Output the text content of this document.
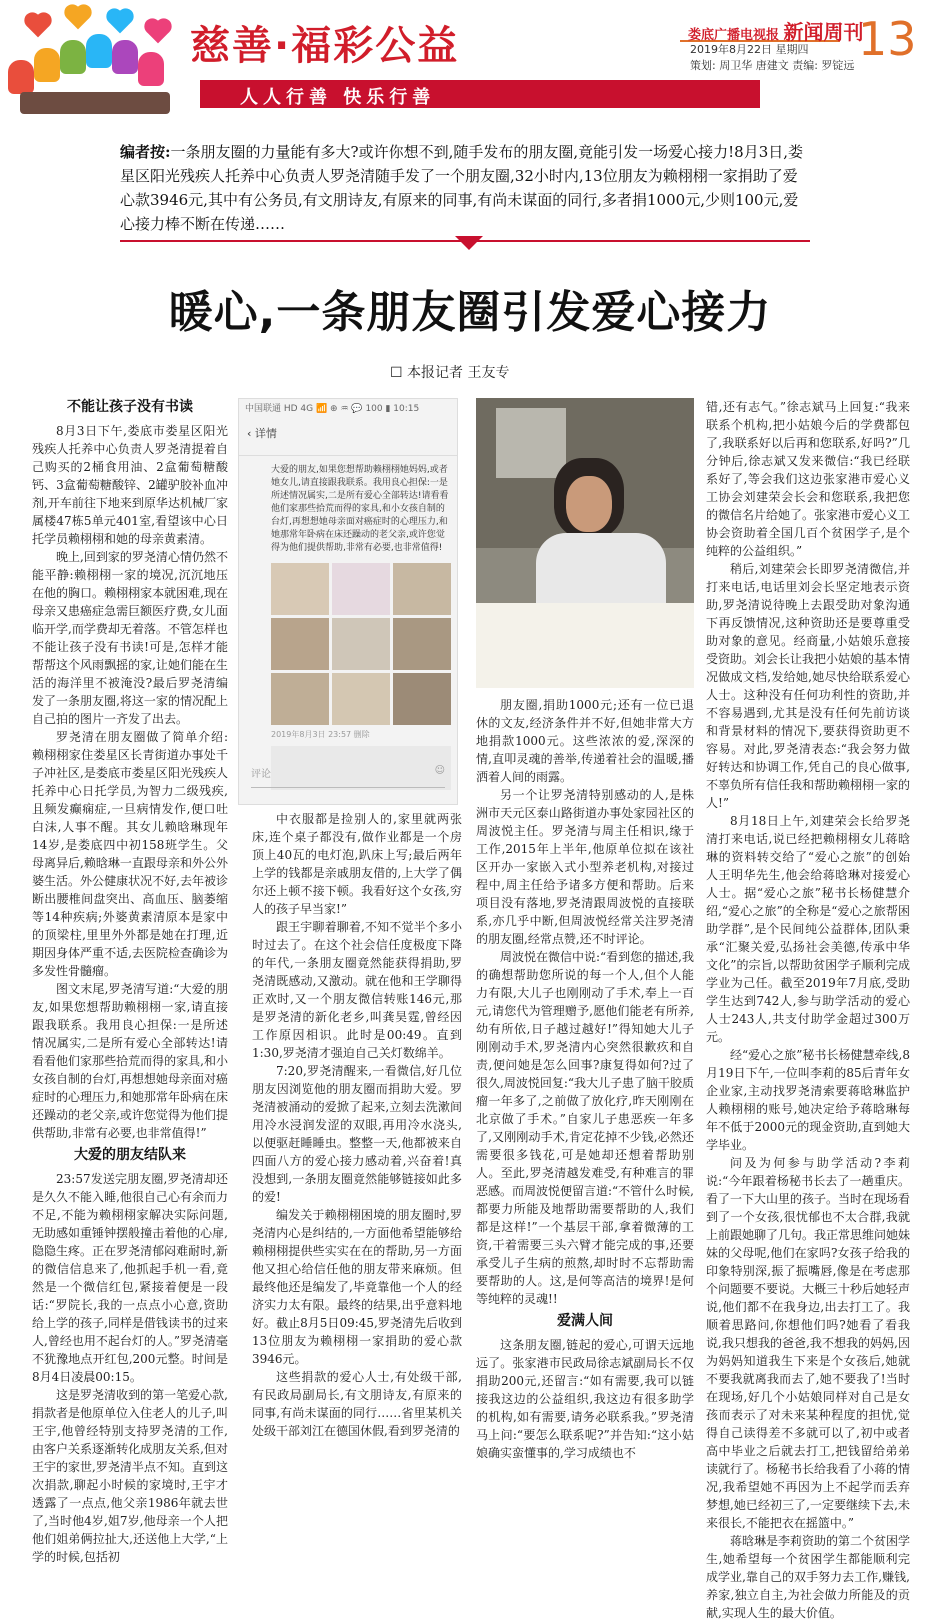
慈善·福彩公益
人人行善 快乐行善
娄底广播电视报 新闻周刊
13
2019年8月22日 星期四
策划: 周卫华 唐建文 责编: 罗锭远
编者按:一条朋友圈的力量能有多大?或许你想不到,随手发布的朋友圈,竟能引发一场爱心接力!8月3日,娄星区阳光残疾人托养中心负责人罗尧清随手发了一个朋友圈,32小时内,13位朋友为赖栩栩一家捐助了爱心款3946元,其中有公务员,有文朋诗友,有原来的同事,有尚未谋面的同行,多者捐1000元,少则100元,爱心接力棒不断在传递……
暖心,一条朋友圈引发爱心接力
☐ 本报记者 王友专
不能让孩子没有书读

8月3日下午,娄底市娄星区阳光残疾人托养中心负责人罗尧清提着自己购买的2桶食用油、2盒葡萄糖酸钙、3盒葡萄糖酸锌、2罐驴胶补血冲剂,开车前往下地来到原华达机械厂家属楼47栋5单元401室,看望该中心日托学员赖栩栩和她的母亲黄素清。

晚上,回到家的罗尧清心情仍然不能平静:赖栩栩一家的境况,沉沉地压在他的胸口。赖栩栩家本就困难,现在母亲又患癌症急需巨额医疗费,女儿面临开学,而学费却无着落。不管怎样也不能让孩子没有书读!可是,怎样才能帮帮这个风雨飘摇的家,让她们能在生活的海洋里不被淹没?最后罗尧清编发了一条朋友圈,将这一家的情况配上自己拍的图片一齐发了出去。

罗尧清在朋友圈做了简单介绍:赖栩栩家住娄星区长青街道办事处千子冲社区,是娄底市娄星区阳光残疾人托养中心日托学员,为智力二级残疾,且频发癫痫症,一旦病情发作,便口吐白沫,人事不醒。其女儿赖晗琳现年14岁,是娄底四中初158班学生。父母离异后,赖晗琳一直跟母亲和外公外婆生活。外公健康状况不好,去年被诊断出腰椎间盘突出、高血压、脑萎缩等14种疾病;外婆黄素清原本是家中的顶梁柱,里里外外都是她在打理,近期因身体严重不适,去医院检查确诊为多发性骨髓瘤。

图文末尾,罗尧清写道:“大爱的朋友,如果您想帮助赖栩栩一家,请直接跟我联系。我用良心担保:一是所述情况属实,二是所有爱心全部转达!请看看他们家那些拾荒而得的家具,和小女孩自制的台灯,再想想她母亲面对癌症时的心理压力,和她那常年卧病在床还躁动的老父亲,或许您觉得为他们提供帮助,非常有必要,也非常值得!”

大爱的朋友结队来

23:57发送完朋友圈,罗尧清却还是久久不能入睡,他很自己心有余而力不足,不能为赖栩栩家解决实际问题,无助感如重锤钟摆般撞击着他的心扉,隐隐生疼。正在罗尧清郁闷难耐时,新的微信信息来了,他抓起手机一看,竟然是一个微信红包,紧接着便是一段话:“罗院长,我的一点点小心意,资助给上学的孩子,同样是借钱读书的过来人,曾经也用不起台灯的人。”罗尧清毫不犹豫地点开红包,200元整。时间是8月4日凌晨00:15。

这是罗尧清收到的第一笔爱心款,捐款者是他原单位入住老人的儿子,叫王宇,他曾经特别支持罗尧清的工作,由客户关系逐渐转化成朋友关系,但对王宇的家世,罗尧清半点不知。直到这次捐款,聊起小时候的家境时,王宇才透露了一点点,他父亲1986年就去世了,当时他4岁,姐7岁,他母亲一个人把他们姐弟俩拉扯大,还送他上大学,“上学的时候,包括初

中国联通 HD 4G 📶 ⊕ ♒ 💬 100 ▮ 10:15
‹ 详情
大爱的朋友,如果您想帮助赖栩栩她妈妈,或者她女儿,请直接跟我联系。我用良心担保:一是所述情况属实,二是所有爱心全部转达!请看看他们家那些拾荒而得的家具,和小女孩自制的台灯,再想想她母亲面对癌症时的心理压力,和她那常年卧病在床还躁动的老父亲,或许您觉得为他们提供帮助,非常有必要,也非常值得!
2019年8月3日 23:57 删除
评论	☺

中衣服都是捡别人的,家里就两张床,连个桌子都没有,做作业都是一个房顶上40瓦的电灯泡,趴床上写;最后两年上学的钱都是亲戚朋友借的,上大学了偶尔还上顿不接下顿。我看好这个女孩,穷人的孩子早当家!”

跟王宇聊着聊着,不知不觉半个多小时过去了。在这个社会信任度极度下降的年代,一条朋友圈竟然能获得捐助,罗尧清既感动,又激动。就在他和王学聊得正欢时,又一个朋友微信转账146元,那是罗尧清的新化老乡,叫龚昊霆,曾经因工作原因相识。此时是00:49。直到1:30,罗尧清才强迫自己关灯数绵羊。

7:20,罗尧清醒来,一看微信,好几位朋友因浏览他的朋友圈而捐助大爱。罗尧清被涌动的爱掀了起来,立刻去洗漱间用冷水浸润发涩的双眼,再用冷水浇头,以便驱赶睡睡虫。整整一天,他都被来自四面八方的爱心接力感动着,兴奋着!真没想到,一条朋友圈竟然能够链接如此多的爱!

编发关于赖栩栩困境的朋友圈时,罗尧清内心是纠结的,一方面他希望能够给赖栩栩提供些实实在在的帮助,另一方面他又担心给信任他的朋友带来麻烦。但最终他还是编发了,毕竟靠他一个人的经济实力太有限。最终的结果,出乎意料地好。截止8月5日09:45,罗尧清先后收到13位朋友为赖栩栩一家捐助的爱心款3946元。

这些捐款的爱心人士,有处级干部,有民政局副局长,有文朋诗友,有原来的同事,有尚未谋面的同行……省里某机关处级干部刘江在德国休假,看到罗尧清的

朋友圈,捐助1000元;还有一位已退休的文友,经济条件并不好,但她非常大方地捐款1000元。这些浓浓的爱,深深的情,直叩灵魂的善举,传递着社会的温暖,播洒着人间的雨露。

另一个让罗尧清特别感动的人,是株洲市天元区泰山路街道办事处家园社区的周波悦主任。罗尧清与周主任相识,缘于工作,2015年上半年,他原单位拟在该社区开办一家嵌入式小型养老机构,对接过程中,周主任给予诸多方便和帮助。后来项目没有落地,罗尧清跟周波悦的直接联系,亦几乎中断,但周波悦经常关注罗尧清的朋友圈,经常点赞,还不时评论。

周波悦在微信中说:“看到您的描述,我的确想帮助您所说的每一个人,但个人能力有限,大儿子也刚刚动了手术,奉上一百元,请您代为管理赠予,愿他们能老有所养,幼有所依,日子越过越好!”得知她大儿子刚刚动手术,罗尧清内心突然很歉疚和自责,便问她是怎么回事?康复得如何?过了很久,周波悦回复:“我大儿子患了脑干胶质瘤一年多了,之前做了放化疗,昨天刚刚在北京做了手术。”自家儿子患恶疾一年多了,又刚刚动手术,肯定花掉不少钱,必然还需要很多钱花,可是她却还想着帮助别人。至此,罗尧清越发难受,有种难言的罪恶感。而周波悦便留言道:“不管什么时候,都要力所能及地帮助需要帮助的人,我们都是这样!”一个基层干部,拿着微薄的工资,干着需要三头六臂才能完成的事,还要承受儿子生病的煎熬,却时时不忘帮助需要帮助的人。这,是何等高洁的境界!是何等纯粹的灵魂!!

爱满人间

这条朋友圈,链起的爱心,可谓天远地远了。张家港市民政局徐志斌副局长不仅捐助200元,还留言:“如有需要,我可以链接我这边的公益组织,我这边有很多助学的机构,如有需要,请务必联系我。”罗尧清马上问:“要怎么联系呢?”并告知:“这小姑娘确实蛮懂事的,学习成绩也不

错,还有志气。”徐志斌马上回复:“我来联系个机构,把小姑娘今后的学费都包了,我联系好以后再和您联系,好吗?”几分钟后,徐志斌又发来微信:“我已经联系好了,等会我们这边张家港市爱心义工协会刘建荣会长会和您联系,我把您的微信名片给她了。张家港市爱心义工协会资助着全国几百个贫困学子,是个纯粹的公益组织。”

稍后,刘建荣会长即罗尧清微信,并打来电话,电话里刘会长坚定地表示资助,罗尧清说待晚上去跟受助对象沟通下再反馈情况,这种资助还是要尊重受助对象的意见。经商量,小姑娘乐意接受资助。刘会长让我把小姑娘的基本情况做成文档,发给她,她尽快给联系爱心人士。这种没有任何功利性的资助,并不容易遇到,尤其是没有任何先前访谈和背景材料的情况下,要获得资助更不容易。对此,罗尧清表态:“我会努力做好转达和协调工作,凭自己的良心做事,不辜负所有信任我和帮助赖栩栩一家的人!”

8月18日上午,刘建荣会长给罗尧清打来电话,说已经把赖栩栩女儿蒋晗琳的资料转交给了“爱心之旅”的创始人王明华先生,他会给蒋晗琳对接爱心人士。据“爱心之旅”秘书长杨健慧介绍,“爱心之旅”的全称是“爱心之旅帮困助学群”,是个民间纯公益群体,团队秉承“汇聚关爱,弘扬社会美德,传承中华文化”的宗旨,以帮助贫困学子顺利完成学业为己任。截至2019年7月底,受助学生达到742人,参与助学活动的爱心人士243人,共支付助学金超过300万元。

经“爱心之旅”秘书长杨健慧牵线,8月19日下午,一位叫李莉的85后青年女企业家,主动找罗尧清索要蒋晗琳监护人赖栩栩的账号,她决定给予蒋晗琳每年不低于2000元的现金资助,直到她大学毕业。

问及为何参与助学活动?李莉说:“今年跟着杨秘书长去了一趟重庆。看了一下大山里的孩子。当时在现场看到了一个女孩,很忧郁也不太合群,我就上前跟她聊了几句。我正常思维问她妹妹的父母呢,他们在家吗?女孩子给我的印象特别深,振了振嘴唇,像是在考虑那个问题要不要说。大概三十秒后她轻声说,他们都不在我身边,出去打工了。我顺着思路问,你想他们吗?她看了看我说,我只想我的爸爸,我不想我的妈妈,因为妈妈知道我生下来是个女孩后,她就不要我就离我而去了,她不要我了!当时在现场,好几个小姑娘同样对自己是女孩而表示了对未来某种程度的担忧,觉得自己读得差不多就可以了,初中或者高中毕业之后就去打工,把钱留给弟弟读就行了。杨秘书长给我看了小蒋的情况,我希望她不再因为上不起学而丢弃梦想,她已经初三了,一定要继续下去,未来很长,不能把衣在摇篮中。”

蒋晗琳是李莉资助的第二个贫困学生,她希望每一个贫困学生都能顺利完成学业,靠自己的双手努力去工作,赚钱,养家,独立自主,为社会做力所能及的贡献,实现人生的最大价值。
